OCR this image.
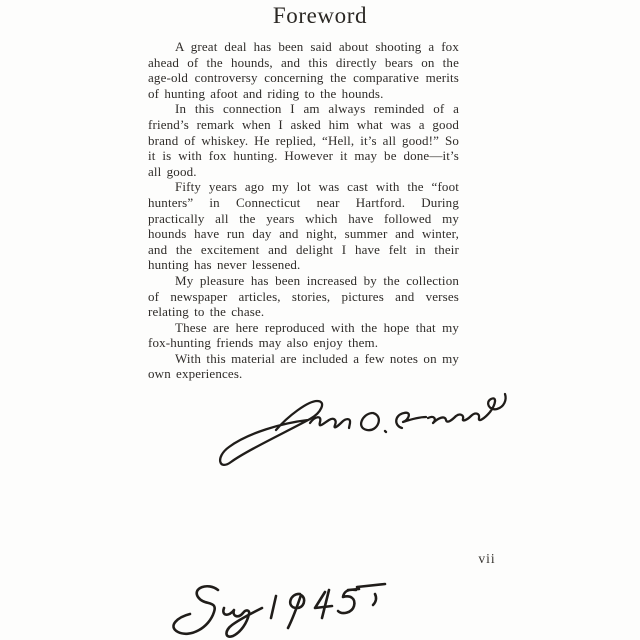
Foreword

A great deal has been said about shooting a fox ahead of the hounds, and this directly bears on the age-old controversy concerning the comparative merits of hunting afoot and riding to the hounds.

In this connection I am always reminded of a friend’s remark when I asked him what was a good brand of whiskey. He replied, “Hell, it’s all good!” So it is with fox hunting. However it may be done—it’s all good.

Fifty years ago my lot was cast with the “foot hunters” in Connecticut near Hartford. During practically all the years which have followed my hounds have run day and night, summer and winter, and the excitement and delight I have felt in their hunting has never lessened.

My pleasure has been increased by the collection of newspaper articles, stories, pictures and verses relating to the chase.

These are here reproduced with the hope that my fox-hunting friends may also enjoy them.

With this material are included a few notes on my own experiences.

vii
